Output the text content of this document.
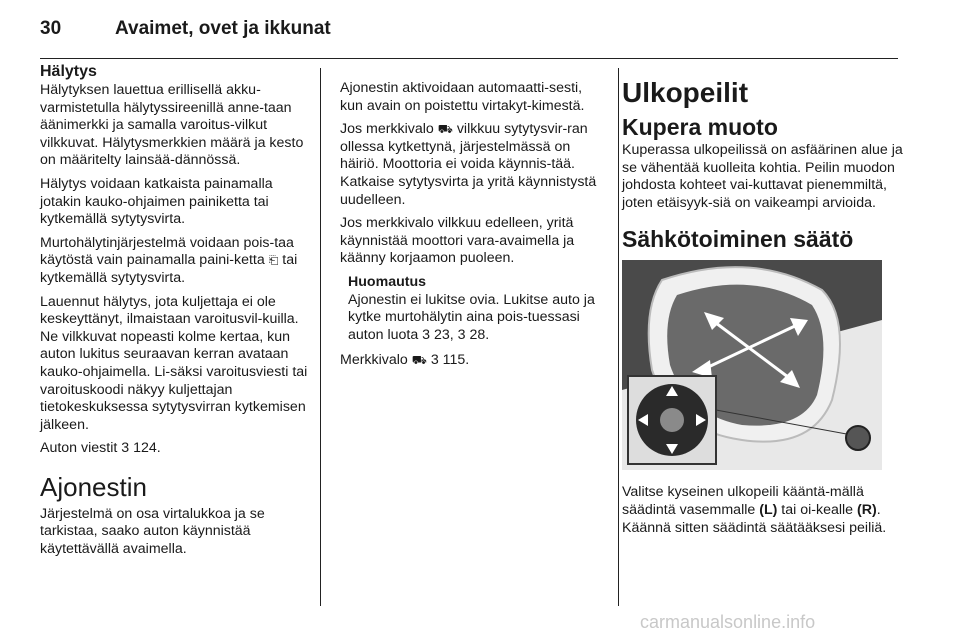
30	Avaimet, ovet ja ikkunat
Hälytys

Hälytyksen lauettua erillisellä akku-varmistetulla hälytyssireenillä anne-taan äänimerkki ja samalla varoitus-vilkut vilkkuvat. Hälytysmerkkien määrä ja kesto on määritelty lainsää-dännössä.

Hälytys voidaan katkaista painamalla jotakin kauko-ohjaimen painiketta tai kytkemällä sytytysvirta.

Murtohälytinjärjestelmä voidaan pois-taa käytöstä vain painamalla paini-ketta ⎗ tai kytkemällä sytytysvirta.

Lauennut hälytys, jota kuljettaja ei ole keskeyttänyt, ilmaistaan varoitusvil-kuilla. Ne vilkkuvat nopeasti kolme kertaa, kun auton lukitus seuraavan kerran avataan kauko-ohjaimella. Li-säksi varoitusviesti tai varoituskoodi näkyy kuljettajan tietokeskuksessa sytytysvirran kytkemisen jälkeen.

Auton viestit 3 124.

Ajonestin

Järjestelmä on osa virtalukkoa ja se tarkistaa, saako auton käynnistää käytettävällä avaimella.

Ajonestin aktivoidaan automaatti-sesti, kun avain on poistettu virtakyt-kimestä.

Jos merkkivalo ⛟ vilkkuu sytytysvir-ran ollessa kytkettynä, järjestelmässä on häiriö. Moottoria ei voida käynnis-tää. Katkaise sytytysvirta ja yritä käynnistystä uudelleen.

Jos merkkivalo vilkkuu edelleen, yritä käynnistää moottori vara-avaimella ja käänny korjaamon puoleen.

Huomautus
Ajonestin ei lukitse ovia. Lukitse auto ja kytke murtohälytin aina pois-tuessasi auton luota 3 23, 3 28.

Merkkivalo ⛟ 3 115.

Ulkopeilit
Kupera muoto

Kuperassa ulkopeilissä on asfäärinen alue ja se vähentää kuolleita kohtia. Peilin muodon johdosta kohteet vai-kuttavat pienemmiltä, joten etäisyyk-siä on vaikeampi arvioida.

Sähkötoiminen säätö

Valitse kyseinen ulkopeili kääntä-mällä säädintä vasemmalle (L) tai oi-kealle (R). Käännä sitten säädintä säätääksesi peiliä.

carmanualsonline.info
